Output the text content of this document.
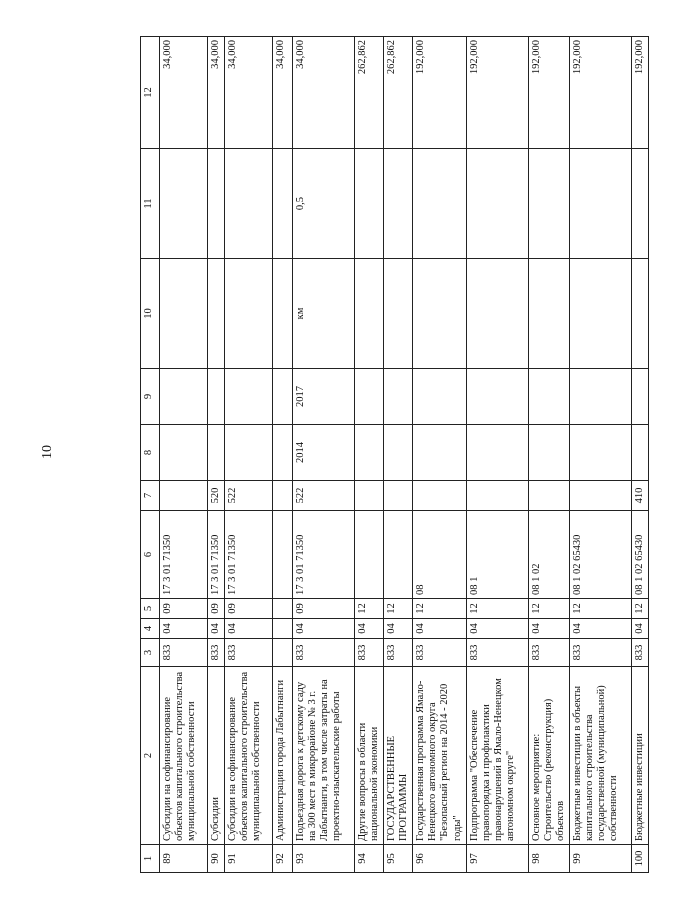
10
1	2	3	4	5	6	7	8	9	10	11	12
89	Субсидии на софинансирование объектов капитального строительства муниципальной собственности	833	04	09	17 3 01 71350						34,000
90	Субсидии	833	04	09	17 3 01 71350	520					34,000
91	Субсидии на софинансирование объектов капитального строительства муниципальной собственности	833	04	09	17 3 01 71350	522					34,000
92	Администрация города Лабытнанги										34,000
93	Подъездная дорога к детскому саду на 300 мест в микрорайоне № 3 г. Лабытнанги, в том числе затраты на проектно-изыскательские работы	833	04	09	17 3 01 71350	522	2014	2017	км	0,5	34,000
94	Другие вопросы в области национальной экономики	833	04	12							262,862
95	ГОСУДАРСТВЕННЫЕ ПРОГРАММЫ	833	04	12							262,862
96	Государственная программа Ямало-Ненецкого автономного округа "Безопасный регион на 2014 - 2020 годы"	833	04	12	08						192,000
97	Подпрограмма "Обеспечение правопорядка и профилактики правонарушений в Ямало-Ненецком автономном округе"	833	04	12	08 1						192,000
98	Основное мероприятие: Строительство (реконструкция) объектов	833	04	12	08 1 02						192,000
99	Бюджетные инвестиции в объекты капитального строительства государственной (муниципальной) собственности	833	04	12	08 1 02 65430						192,000
100	Бюджетные инвестиции	833	04	12	08 1 02 65430	410					192,000
